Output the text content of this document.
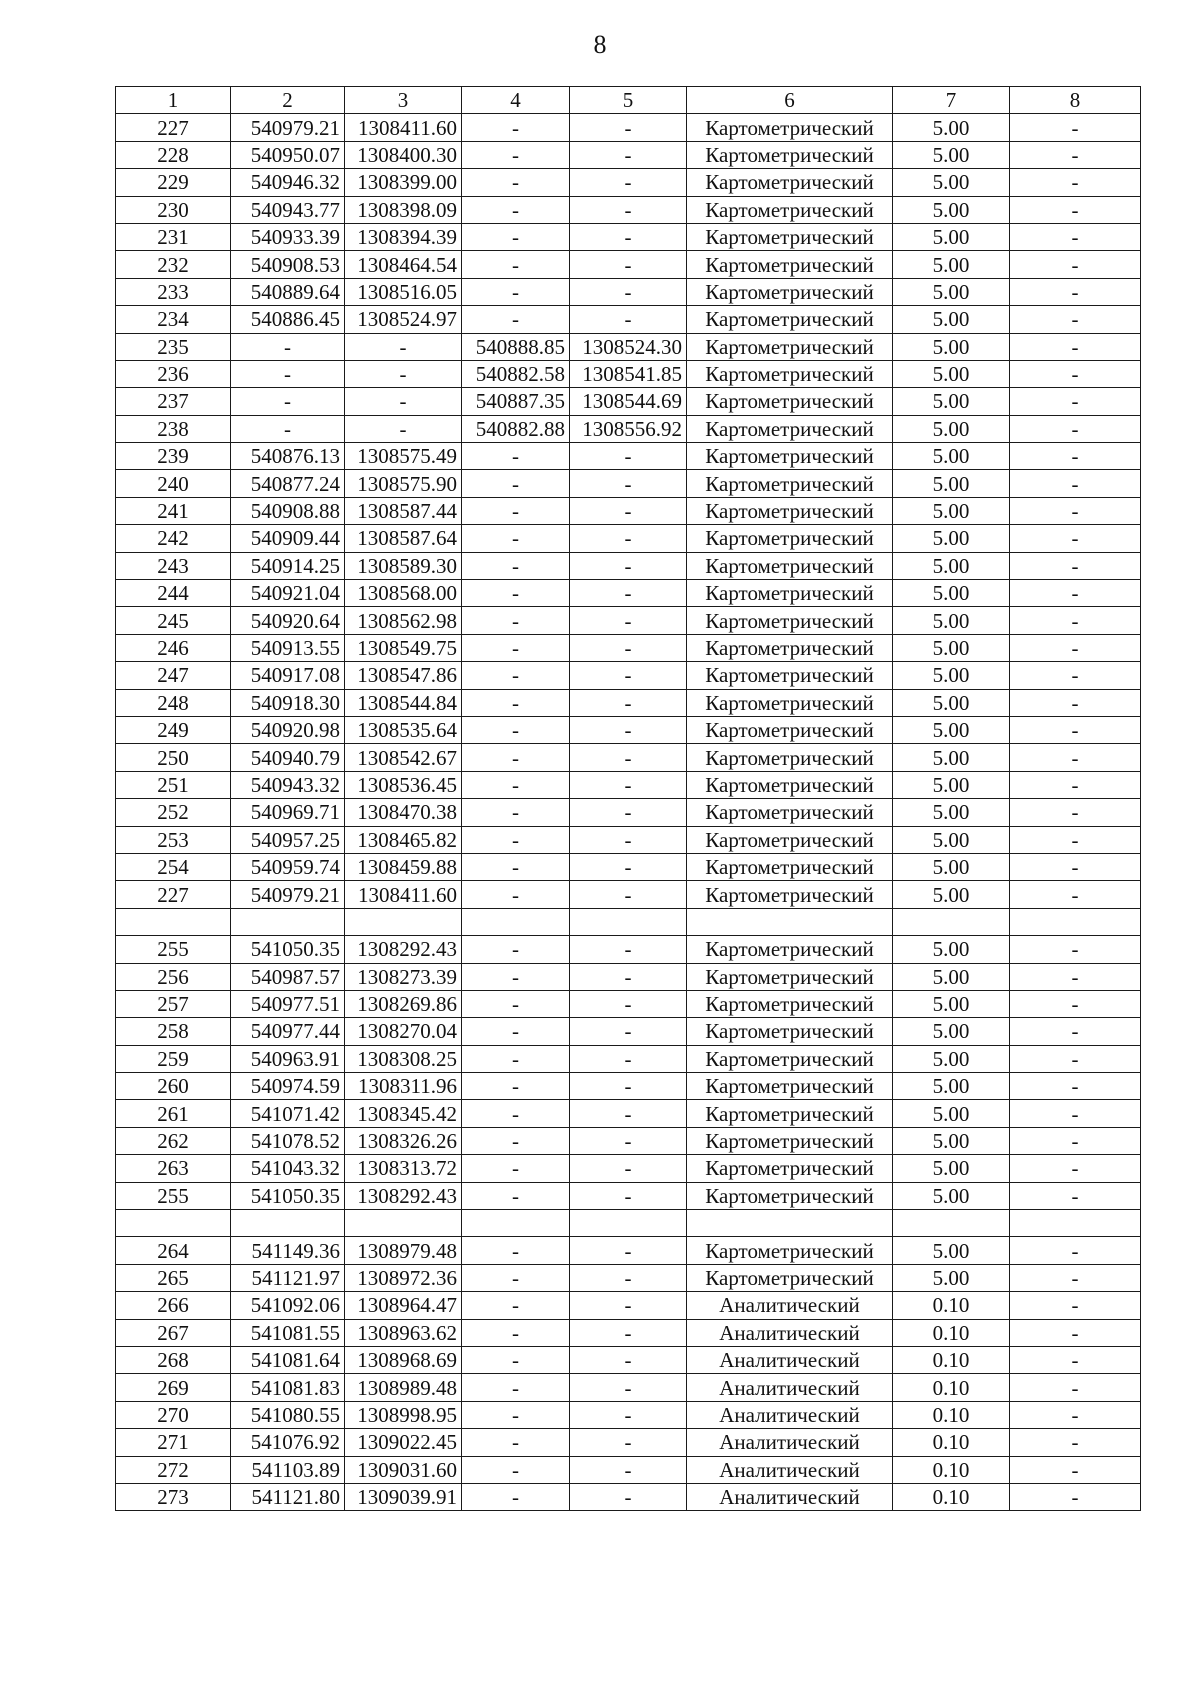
8
1	2	3	4	5	6	7	8
227	540979.21	1308411.60	-	-	Картометрический	5.00	-
228	540950.07	1308400.30	-	-	Картометрический	5.00	-
229	540946.32	1308399.00	-	-	Картометрический	5.00	-
230	540943.77	1308398.09	-	-	Картометрический	5.00	-
231	540933.39	1308394.39	-	-	Картометрический	5.00	-
232	540908.53	1308464.54	-	-	Картометрический	5.00	-
233	540889.64	1308516.05	-	-	Картометрический	5.00	-
234	540886.45	1308524.97	-	-	Картометрический	5.00	-
235	-	-	540888.85	1308524.30	Картометрический	5.00	-
236	-	-	540882.58	1308541.85	Картометрический	5.00	-
237	-	-	540887.35	1308544.69	Картометрический	5.00	-
238	-	-	540882.88	1308556.92	Картометрический	5.00	-
239	540876.13	1308575.49	-	-	Картометрический	5.00	-
240	540877.24	1308575.90	-	-	Картометрический	5.00	-
241	540908.88	1308587.44	-	-	Картометрический	5.00	-
242	540909.44	1308587.64	-	-	Картометрический	5.00	-
243	540914.25	1308589.30	-	-	Картометрический	5.00	-
244	540921.04	1308568.00	-	-	Картометрический	5.00	-
245	540920.64	1308562.98	-	-	Картометрический	5.00	-
246	540913.55	1308549.75	-	-	Картометрический	5.00	-
247	540917.08	1308547.86	-	-	Картометрический	5.00	-
248	540918.30	1308544.84	-	-	Картометрический	5.00	-
249	540920.98	1308535.64	-	-	Картометрический	5.00	-
250	540940.79	1308542.67	-	-	Картометрический	5.00	-
251	540943.32	1308536.45	-	-	Картометрический	5.00	-
252	540969.71	1308470.38	-	-	Картометрический	5.00	-
253	540957.25	1308465.82	-	-	Картометрический	5.00	-
254	540959.74	1308459.88	-	-	Картометрический	5.00	-
227	540979.21	1308411.60	-	-	Картометрический	5.00	-

255	541050.35	1308292.43	-	-	Картометрический	5.00	-
256	540987.57	1308273.39	-	-	Картометрический	5.00	-
257	540977.51	1308269.86	-	-	Картометрический	5.00	-
258	540977.44	1308270.04	-	-	Картометрический	5.00	-
259	540963.91	1308308.25	-	-	Картометрический	5.00	-
260	540974.59	1308311.96	-	-	Картометрический	5.00	-
261	541071.42	1308345.42	-	-	Картометрический	5.00	-
262	541078.52	1308326.26	-	-	Картометрический	5.00	-
263	541043.32	1308313.72	-	-	Картометрический	5.00	-
255	541050.35	1308292.43	-	-	Картометрический	5.00	-

264	541149.36	1308979.48	-	-	Картометрический	5.00	-
265	541121.97	1308972.36	-	-	Картометрический	5.00	-
266	541092.06	1308964.47	-	-	Аналитический	0.10	-
267	541081.55	1308963.62	-	-	Аналитический	0.10	-
268	541081.64	1308968.69	-	-	Аналитический	0.10	-
269	541081.83	1308989.48	-	-	Аналитический	0.10	-
270	541080.55	1308998.95	-	-	Аналитический	0.10	-
271	541076.92	1309022.45	-	-	Аналитический	0.10	-
272	541103.89	1309031.60	-	-	Аналитический	0.10	-
273	541121.80	1309039.91	-	-	Аналитический	0.10	-
